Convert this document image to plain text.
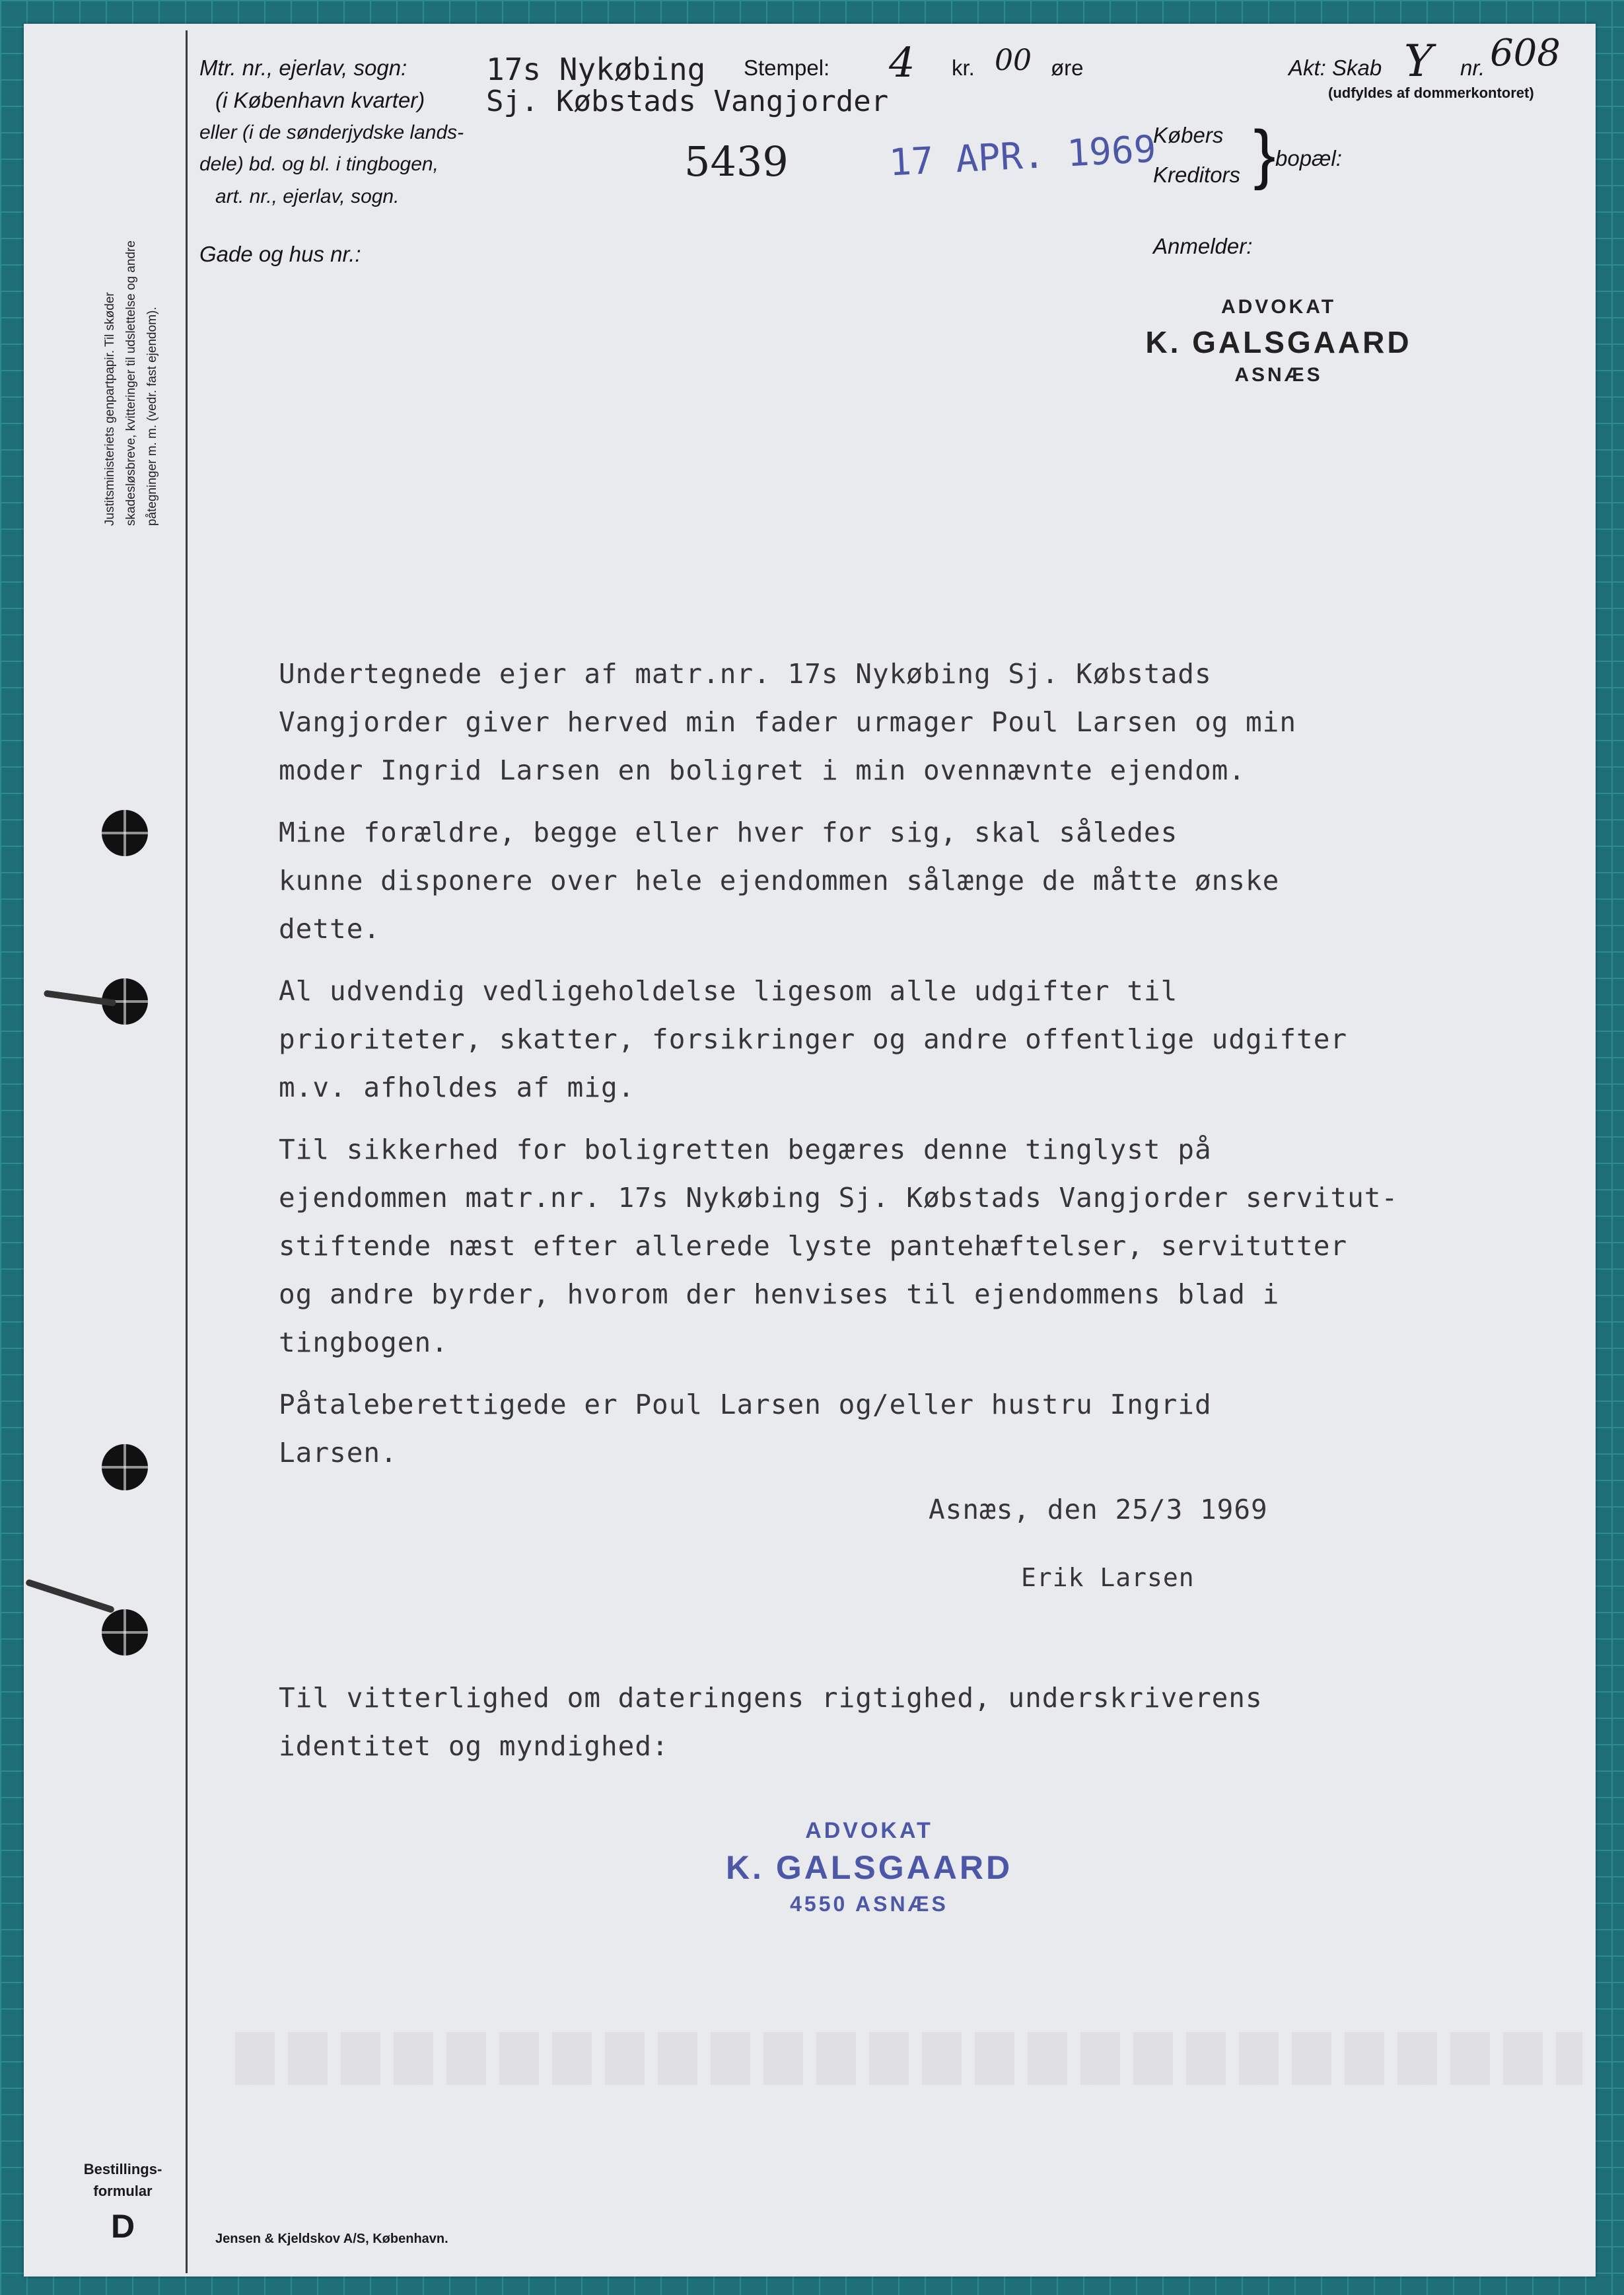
Justitsministeriets genpartpapir. Til skøder skadesløsbreve, kvitteringer til udslettelse og andre påtegninger m. m. (vedr. fast ejendom).
Mtr. nr., ejerlav, sogn:
(i København kvarter)
eller (i de sønderjydske lands-
dele) bd. og bl. i tingbogen,
art. nr., ejerlav, sogn.
Gade og hus nr.:
17s Nykøbing
Sj. Købstads Vangjorder
Stempel: 4 kr. 00 øre	Akt: Skab Y nr. 608
(udfyldes af dommerkontoret)
5439	17 APR. 1969
Købers
Kreditors } bopæl:
Anmelder:
ADVOKAT
K. GALSGAARD
ASNÆS
Undertegnede ejer af matr.nr. 17s Nykøbing Sj. Købstads
Vangjorder giver herved min fader urmager Poul Larsen og min
moder Ingrid Larsen en boligret i min ovennævnte ejendom.
Mine forældre, begge eller hver for sig, skal således
kunne disponere over hele ejendommen sålænge de måtte ønske
dette.
Al udvendig vedligeholdelse ligesom alle udgifter til
prioriteter, skatter, forsikringer og andre offentlige udgifter
m.v. afholdes af mig.
Til sikkerhed for boligretten begæres denne tinglyst på
ejendommen matr.nr. 17s Nykøbing Sj. Købstads Vangjorder servitut-
stiftende næst efter allerede lyste pantehæftelser, servitutter
og andre byrder, hvorom der henvises til ejendommens blad i
tingbogen.
Påtaleberettigede er Poul Larsen og/eller hustru Ingrid
Larsen.
Asnæs, den 25/3 1969
Erik Larsen
Til vitterlighed om dateringens rigtighed, underskriverens
identitet og myndighed:
ADVOKAT
K. GALSGAARD
4550 ASNÆS
Bestillings-
formular
D	Jensen & Kjeldskov A/S, København.
